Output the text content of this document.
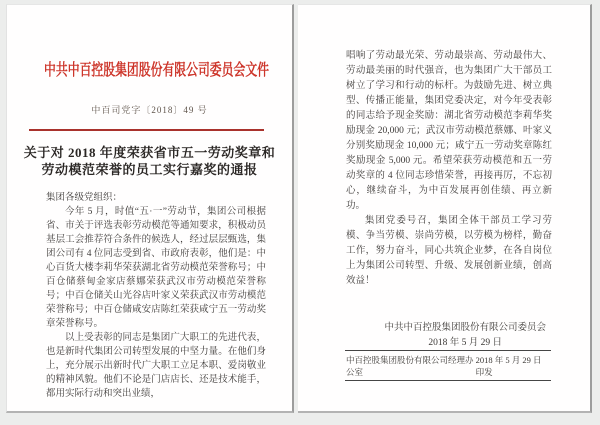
中共中百控股集团股份有限公司委员会文件
中百司党字〔2018〕49 号
关于对 2018 年度荣获省市五一劳动奖章和
劳动模范荣誉的员工实行嘉奖的通报

集团各级党组织：

今年 5 月，时值“五·一”劳动节，集团公司根据省、市关于评选表彰劳动模范等通知要求，积极动员基层工会推荐符合条件的候选人，经过层层甄选，集团公司有 4 位同志受到省、市政府表彰，他们是：中心百货大楼李莉华荣获湖北省劳动模范荣誉称号；中百仓储蔡甸金家店蔡娜荣获武汉市劳动模范荣誉称号；中百仓储关山光谷店叶家义荣获武汉市劳动模范荣誉称号；中百仓储咸安店陈红荣获咸宁五一劳动奖章荣誉称号。

以上受表彰的同志是集团广大职工的先进代表，也是新时代集团公司转型发展的中坚力量。在他们身上，充分展示出新时代广大职工立足本职、爱岗敬业的精神风貌。他们不论是门店店长、还是技术能手，都用实际行动和突出业绩，

唱响了劳动最光荣、劳动最崇高、劳动最伟大、劳动最美丽的时代强音，也为集团广大干部员工树立了学习和行动的标杆。为鼓励先进、树立典型、传播正能量，集团党委决定，对今年受表彰的同志给予现金奖励：湖北省劳动模范李莉华奖励现金 20,000 元；武汉市劳动模范蔡娜、叶家义分别奖励现金 10,000 元；咸宁五一劳动奖章陈红奖励现金 5,000 元。希望荣获劳动模范和五一劳动奖章的 4 位同志珍惜荣誉，再接再厉，不忘初心，继续奋斗，为中百发展再创佳绩、再立新功。

集团党委号召，集团全体干部员工学习劳模、争当劳模、崇尚劳模，以劳模为榜样，勤奋工作，努力奋斗，同心共筑企业梦，在各自岗位上为集团公司转型、升级、发展创新业绩，创高效益！

中共中百控股集团股份有限公司委员会
2018 年 5 月 29 日
中百控股集团股份有限公司经理办公室
2018 年 5 月 29 日印发
